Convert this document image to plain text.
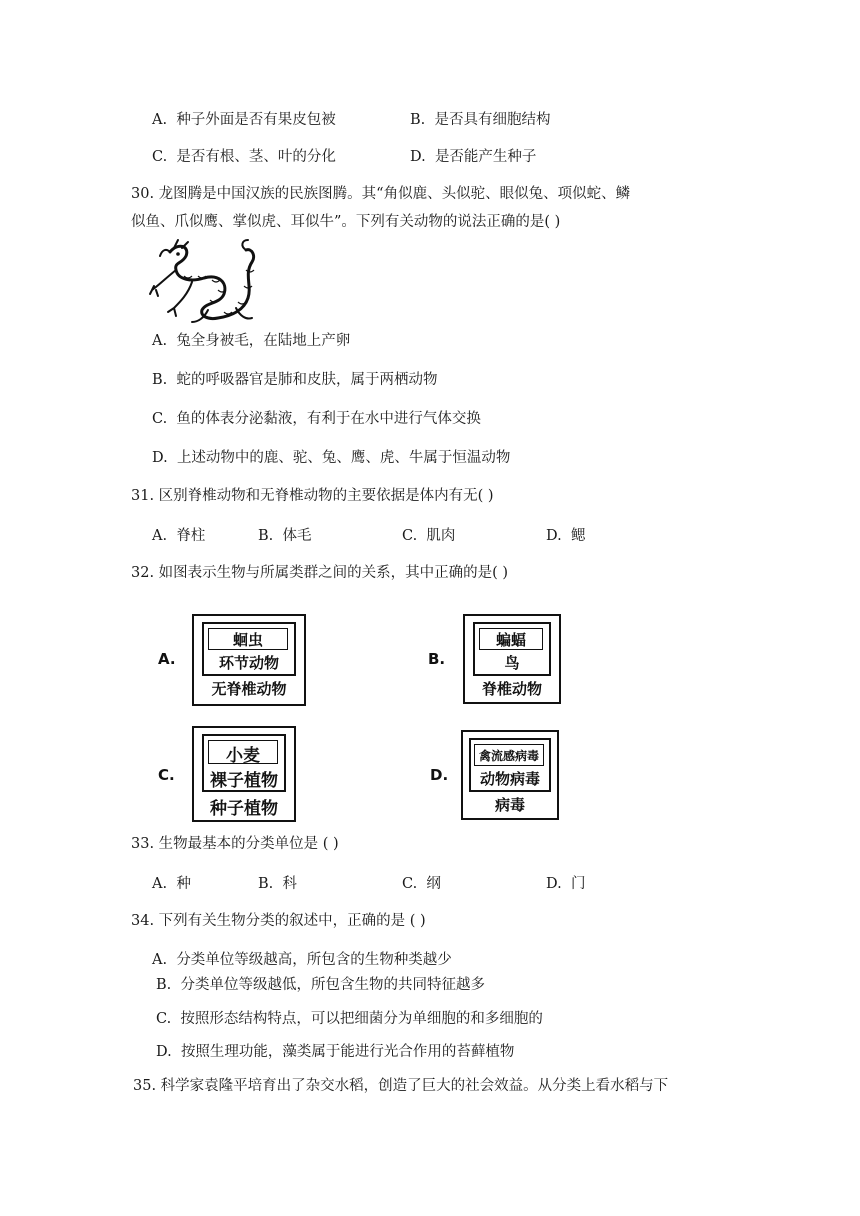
A. 种子外面是否有果皮包被	B. 是否具有细胞结构
C. 是否有根、茎、叶的分化	D. 是否能产生种子
30. 龙图腾是中国汉族的民族图腾。其“角似鹿、头似驼、眼似兔、项似蛇、鳞
似鱼、爪似鹰、掌似虎、耳似牛”。下列有关动物的说法正确的是( )
A. 兔全身被毛，在陆地上产卵
B. 蛇的呼吸器官是肺和皮肤，属于两栖动物
C. 鱼的体表分泌黏液，有利于在水中进行气体交换
D. 上述动物中的鹿、驼、兔、鹰、虎、牛属于恒温动物
31. 区别脊椎动物和无脊椎动物的主要依据是体内有无( )
A. 脊柱	B. 体毛	C. 肌肉	D. 鳃
32. 如图表示生物与所属类群之间的关系，其中正确的是( )
A.
蛔虫
环节动物
无脊椎动物
B.
蝙蝠
鸟
脊椎动物
C.
小麦
裸子植物
种子植物
D.
禽流感病毒
动物病毒
病毒
33. 生物最基本的分类单位是 ( )
A. 种	B. 科	C. 纲	D. 门
34. 下列有关生物分类的叙述中，正确的是 ( )
A. 分类单位等级越高，所包含的生物种类越少
B. 分类单位等级越低，所包含生物的共同特征越多
C. 按照形态结构特点，可以把细菌分为单细胞的和多细胞的
D. 按照生理功能，藻类属于能进行光合作用的苔藓植物
35. 科学家袁隆平培育出了杂交水稻，创造了巨大的社会效益。从分类上看水稻与下
